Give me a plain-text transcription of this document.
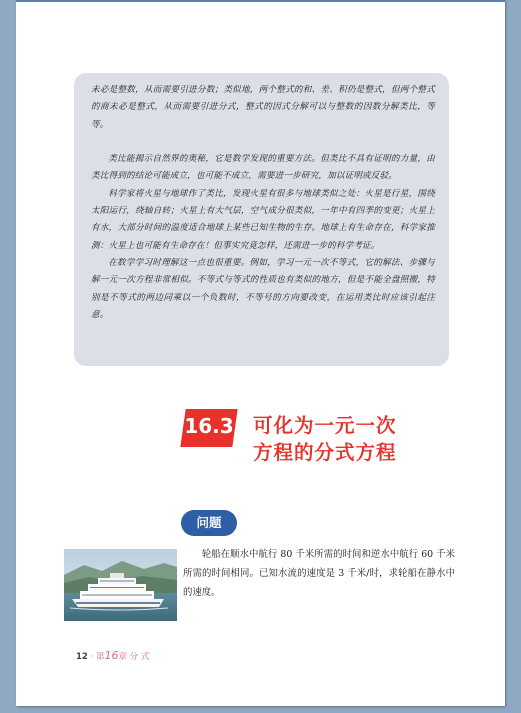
未必是整数，从而需要引进分数；类似地，两个整式的和、差、积仍是整式，但两个整式的商未必是整式，从而需要引进分式，整式的因式分解可以与整数的因数分解类比，等等。

类比能揭示自然界的奥秘，它是数学发现的重要方法。但类比不具有证明的力量，由类比得到的结论可能成立，也可能不成立，需要进一步研究，加以证明或反驳。

科学家将火星与地球作了类比，发现火星有很多与地球类似之处：火星是行星，围绕太阳运行，绕轴自转；火星上有大气层，空气成分很类似，一年中有四季的变更；火星上有水，大部分时间的温度适合地球上某些已知生物的生存。地球上有生命存在，科学家推测：火星上也可能有生命存在！但事实究竟怎样，还需进一步的科学考证。

在数学学习时理解这一点也很重要。例如，学习一元一次不等式，它的解法、步骤与解一元一次方程非常相似。不等式与等式的性质也有类似的地方，但是不能全盘照搬，特别是不等式的两边同乘以一个负数时，不等号的方向要改变，在运用类比时应该引起注意。

16.3 可化为一元一次
方程的分式方程
问题

轮船在顺水中航行 80 千米所需的时间和逆水中航行 60 千米所需的时间相同。已知水流的速度是 3 千米/时，求轮船在静水中的速度。

12 · 第16章 分 式
